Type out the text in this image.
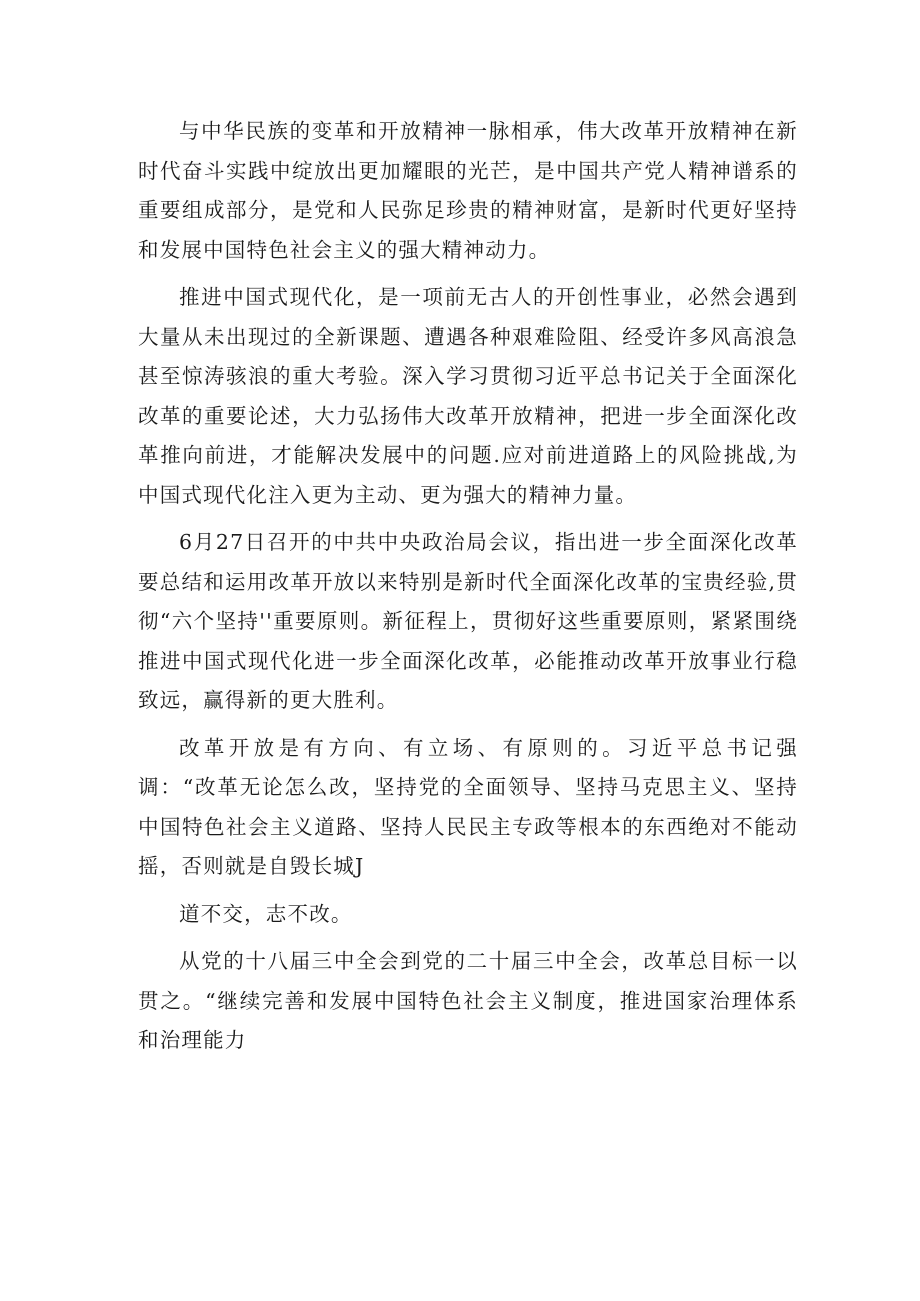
与中华民族的变革和开放精神一脉相承，伟大改革开放精神在新时代奋斗实践中绽放出更加耀眼的光芒，是中国共产党人精神谱系的重要组成部分，是党和人民弥足珍贵的精神财富，是新时代更好坚持和发展中国特色社会主义的强大精神动力。

推进中国式现代化，是一项前无古人的开创性事业，必然会遇到大量从未出现过的全新课题、遭遇各种艰难险阻、经受许多风高浪急甚至惊涛骇浪的重大考验。深入学习贯彻习近平总书记关于全面深化改革的重要论述，大力弘扬伟大改革开放精神，把进一步全面深化改革推向前进，才能解决发展中的问题.应对前进道路上的风险挑战,为中国式现代化注入更为主动、更为强大的精神力量。

6月27日召开的中共中央政治局会议，指出进一步全面深化改革要总结和运用改革开放以来特别是新时代全面深化改革的宝贵经验,贯彻“六个坚持''重要原则。新征程上，贯彻好这些重要原则，紧紧围绕推进中国式现代化进一步全面深化改革，必能推动改革开放事业行稳致远，赢得新的更大胜利。

改革开放是有方向、有立场、有原则的。习近平总书记强调：“改革无论怎么改，坚持党的全面领导、坚持马克思主义、坚持中国特色社会主义道路、坚持人民民主专政等根本的东西绝对不能动摇，否则就是自毁长城J

道不交，志不改。

从党的十八届三中全会到党的二十届三中全会，改革总目标一以贯之。“继续完善和发展中国特色社会主义制度，推进国家治理体系和治理能力
